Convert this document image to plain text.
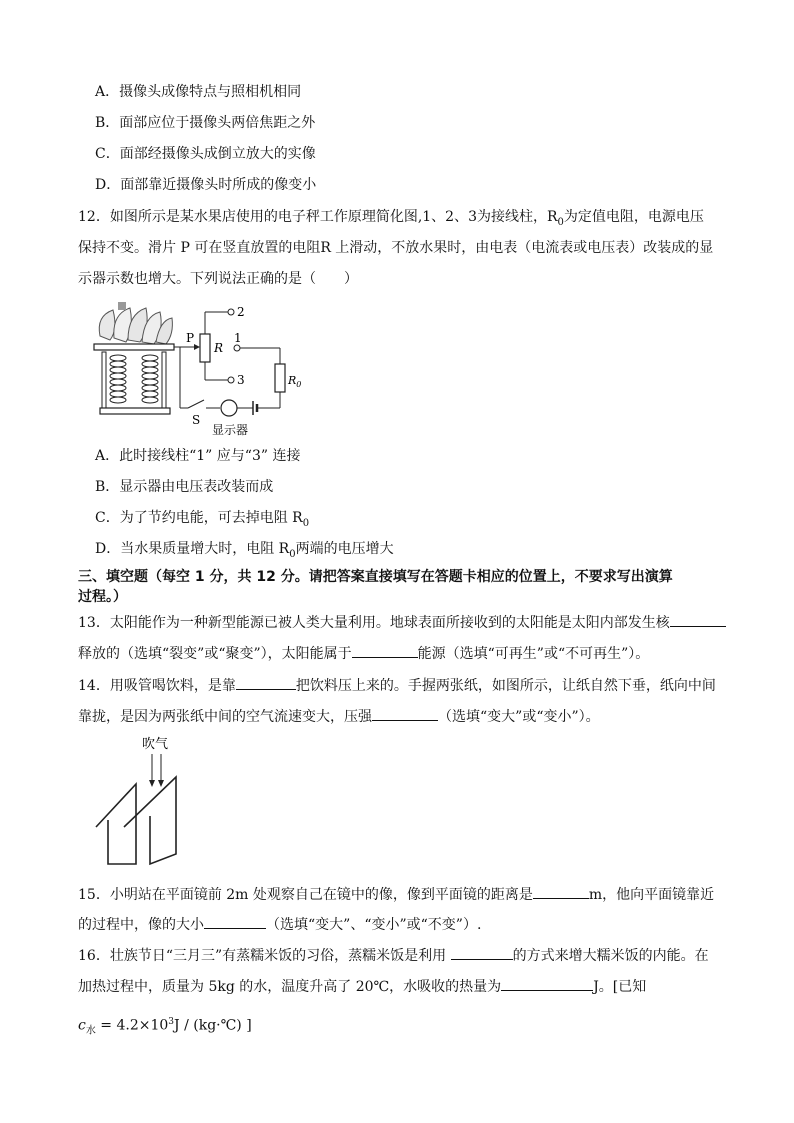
A．摄像头成像特点与照相机相同
B．面部应位于摄像头两倍焦距之外
C．面部经摄像头成倒立放大的实像
D．面部靠近摄像头时所成的像变小
12．如图所示是某水果店使用的电子秤工作原理简化图,1、2、3为接线柱，$R_0$为定值电阻，电源电压
保持不变。滑片 P 可在竖直放置的电阻R 上滑动，不放水果时，由电表（电流表或电压表）改装成的显
示器示数也增大。下列说法正确的是（　　）
P
R
2
3
1
$R_0$
S
显示器
A．此时接线柱“1” 应与“3” 连接
B．显示器由电压表改装而成
C．为了节约电能，可去掉电阻 $R_0$
D．当水果质量增大时，电阻 $R_0$两端的电压增大
三、填空题（每空 1 分，共 12 分。请把答案直接填写在答题卡相应的位置上，不要求写出演算
过程。）
13．太阳能作为一种新型能源已被人类大量利用。地球表面所接收到的太阳能是太阳内部发生核
释放的（选填“裂变”或“聚变”），太阳能属于	能源（选填“可再生”或“不可再生”）。
14．用吸管喝饮料，是靠	把饮料压上来的。手握两张纸，如图所示，让纸自然下垂，纸向中间
靠拢，是因为两张纸中间的空气流速变大，压强	（选填“变大”或“变小”）。
吹气
15．小明站在平面镜前 2m 处观察自己在镜中的像，像到平面镜的距离是	m，他向平面镜靠近
的过程中，像的大小	（选填“变大”、“变小”或“不变”）.
16．壮族节日“三月三”有蒸糯米饭的习俗，蒸糯米饭是利用	的方式来增大糯米饭的内能。在
加热过程中，质量为 5kg 的水，温度升高了 20℃，水吸收的热量为	J。[已知
$c_水 = 4.2\times 10^3J$ / (kg·℃) ]
